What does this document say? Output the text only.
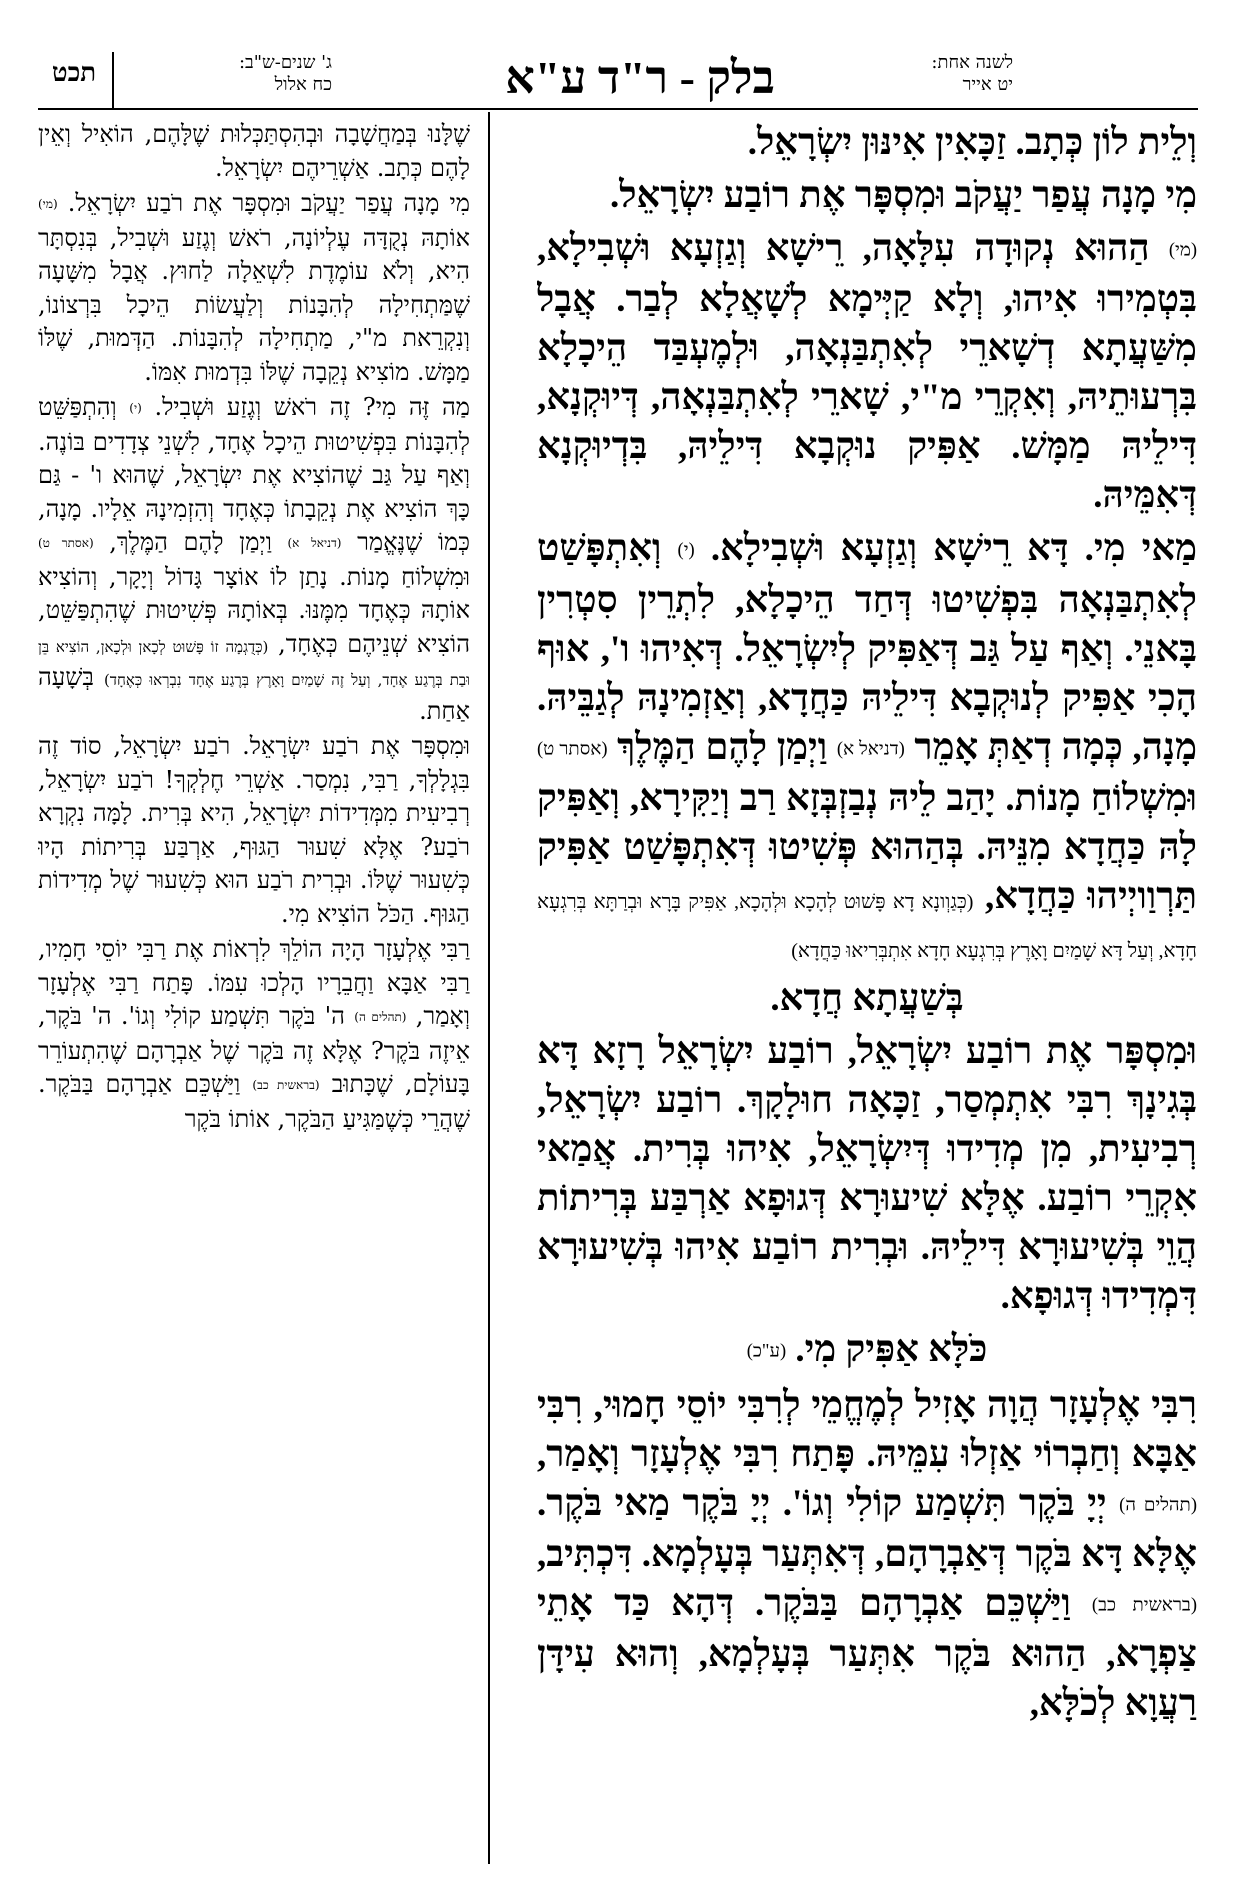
לשנה אחת:
יט אייר
בלק - ר"ד ע"א
ג' שנים-ש"ב:
כח אלול
תכט

וְלֵית לוֹן כְּתָב. זַכָּאִין אִינּוּן יִשְׂרָאֵל.

מִי מָנָה עֲפַר יַעֲקֹב וּמִסְפָּר אֶת רוֹבַע יִשְׂרָאֵל.

(מי) הַהוּא נְקוּדָה עִלָּאָה, רֵישָׁא וְגַזְעָא וּשְׁבִילָא, בִּטְמִירוּ אִיהוּ, וְלָא קַיְּימָא לְשָׁאֲלָא לְבַר. אֲבָל מִשַּׁעֲתָא דְשָׁארֵי לְאִתְבַּנְאָה, וּלְמֶעְבַּד הֵיכָלָא בִּרְעוּתֵיהּ, וְאִקְרֵי מ"י, שָׁארֵי לְאִתְבַּנְאָה, דְּיוּקְנָא, דִּילֵיהּ מַמָּשׁ. אַפִּיק נוּקְבָא דִּילֵיהּ, בִּדְיוּקְנָא דְּאִמֵּיהּ.

מַאי מִי. דָּא רֵישָׁא וְגַזְעָא וּשְׁבִילָא. (י) וְאִתְפָּשַׁט לְאִתְבַּנְאָה בִּפְשִׁיטוּ דְּחַד הֵיכָלָא, לִתְרֵין סִטְרִין בָּאנֵי. וְאַף עַל גַּב דְּאַפִּיק לְיִשְׂרָאֵל. דְּאִיהוּ ו', אוּף הָכִי אַפִּיק לְנוּקְבָא דִּילֵיהּ כַּחֲדָא, וְאַזְמִינָהּ לְגַבֵּיהּ. מָנָה, כְּמָה דְאַתְּ אָמֵר (דניאל א) וַיְמַן לָהֶם הַמֶּלֶךְ (אסתר ט) וּמִשְׁלוֹחַ מָנוֹת. יָהַב לֵיהּ נְבַזְבְּזָא רַב וְיַקִּירָא, וְאַפִּיק לָהּ כַּחֲדָא מִנֵּיהּ. בְּהַהוּא פְּשִׁיטוּ דְּאִתְפָּשַׁט אַפִּיק תַּרְוַויְיהוּ כַּחֲדָא, (כְּגַוְונָא דָא פָּשׁוּט לְהָכָא וּלְהָכָא, אַפִּיק בָּרָא וּבְרַתָּא בְּרִגְעָא חָדָא, וְעַל דָּא שָׁמַיִם וָאָרֶץ בְּרִגְעָא חָדָא אִתְבְּרִיאוּ כַּחֲדָא)

בְּשַׁעֲתָא חֲדָא.

וּמִסְפָּר אֶת רוֹבַע יִשְׂרָאֵל, רוֹבַע יִשְׂרָאֵל רָזָא דָּא בְּגִינָךְ רִבִּי אִתְמְסַר, זַכָּאָה חוּלָקָךְ. רוֹבַע יִשְׂרָאֵל, רְבִיעִית, מִן מְדִידוּ דְּיִשְׂרָאֵל, אִיהוּ בְּרִית. אֲמַאי אִקְרֵי רוֹבַע. אֶלָּא שִׁיעוּרָא דְּגוּפָא אַרְבַּע בְּרִיתוֹת הֲוֵי בְּשִׁיעוּרָא דִּילֵיהּ. וּבְרִית רוֹבַע אִיהוּ בְּשִׁיעוּרָא דִּמְדִידוּ דְּגוּפָא.

כֹּלָּא אַפִּיק מִי. (ע"כ)

רִבִּי אֶלְעָזָר הֲוָה אָזִיל לְמֶחֱמֵי לְרִבִּי יוֹסֵי חָמוּי, רִבִּי אַבָּא וְחַבְרוֹי אַזְלוּ עִמֵּיהּ. פָּתַח רִבִּי אֶלְעָזָר וְאָמַר, (תהלים ה) יְיָ בֹּקֶר תִּשְׁמַע קוֹלִי וְגוֹ'. יְיָ בֹּקֶר מַאי בֹּקֶר. אֶלָּא דָּא בֹּקֶר דְּאַבְרָהָם, דְּאִתְּעַר בְּעָלְמָא. דִּכְתִּיב, (בראשית כב) וַיַּשְׁכֵּם אַבְרָהָם בַּבֹּקֶר. דְּהָא כַּד אָתֵי צַפְרָא, הַהוּא בֹּקֶר אִתְּעַר בְּעָלְמָא, וְהוּא עִידָּן רַעֲוָא לְכֹלָּא,

שֶׁלָּנוּ בְּמַחֲשָׁבָה וּבְהִסְתַּכְּלוּת שֶׁלָּהֶם, הוֹאִיל וְאֵין לָהֶם כְּתָב. אַשְׁרֵיהֶם יִשְׂרָאֵל.

מִי מָנָה עֲפַר יַעֲקֹב וּמִסְפָּר אֶת רֹבַע יִשְׂרָאֵל. (מי) אוֹתָהּ נְקֻדָּה עֶלְיוֹנָה, רֹאשׁ וְגֶזַע וּשְׁבִיל, בְּנִסְתָּר הִיא, וְלֹא עוֹמֶדֶת לִשְׁאֵלָה לַחוּץ. אֲבָל מִשָּׁעָה שֶׁמַּתְחִילָה לְהִבָּנוֹת וְלַעֲשׂוֹת הֵיכָל בִּרְצוֹנוֹ, וְנִקְרֵאת מ"י, מַתְחִילָה לְהִבָּנוֹת. הַדְּמוּת, שֶׁלּוֹ מַמָּשׁ. מוֹצִיא נְקֵבָה שֶׁלּוֹ בִּדְמוּת אִמּוֹ.

מַה זֶּה מִי? זֶה רֹאשׁ וְגֶזַע וּשְׁבִיל. (י) וְהִתְפַּשֵּׁט לְהִבָּנוֹת בִּפְשִׁיטוּת הֵיכָל אֶחָד, לִשְׁנֵי צְדָדִים בּוֹנֶה. וְאַף עַל גַּב שֶׁהוֹצִיא אֶת יִשְׂרָאֵל, שֶׁהוּא ו' - גַּם כָּךְ הוֹצִיא אֶת נְקֵבָתוֹ כְּאֶחָד וְהִזְמִינָהּ אֵלָיו. מָנָה, כְּמוֹ שֶׁנֶּאֱמַר (דניאל א) וַיְמַן לָהֶם הַמֶּלֶךְ, (אסתר ט) וּמִשְׁלוֹחַ מָנוֹת. נָתַן לוֹ אוֹצָר גָּדוֹל וְיָקָר, וְהוֹצִיא אוֹתָהּ כְּאֶחָד מִמֶּנּוּ. בְּאוֹתָהּ פְּשִׁיטוּת שֶׁהִתְפַּשֵּׁט, הוֹצִיא שְׁנֵיהֶם כְּאֶחָד, (כְּדֻגְמָה זוֹ פָּשׁוּט לְכָאן וּלְכָאן, הוֹצִיא בֵּן וּבַת בְּרֶגַע אֶחָד, וְעַל זֶה שָׁמַיִם וָאָרֶץ בְּרֶגַע אֶחָד נִבְרְאוּ כְּאֶחָד) בְּשָׁעָה אַחַת.

וּמִסְפָּר אֶת רֹבַע יִשְׂרָאֵל. רֹבַע יִשְׂרָאֵל, סוֹד זֶה בִּגְלָלְךָ, רַבִּי, נִמְסַר. אַשְׁרֵי חֶלְקְךָ! רֹבַע יִשְׂרָאֵל, רְבִיעִית מִמְּדִידוֹת יִשְׂרָאֵל, הִיא בְּרִית. לָמָּה נִקְרָא רֹבַע? אֶלָּא שִׁעוּר הַגּוּף, אַרְבַּע בְּרִיתוֹת הָיוּ כְּשִׁעוּר שֶׁלּוֹ. וּבְרִית רֹבַע הוּא כְּשִׁעוּר שֶׁל מְדִידוֹת הַגּוּף. הַכֹּל הוֹצִיא מִי.

רַבִּי אֶלְעָזָר הָיָה הוֹלֵךְ לִרְאוֹת אֶת רַבִּי יוֹסֵי חָמִיו, רַבִּי אַבָּא וַחֲבֵרָיו הָלְכוּ עִמּוֹ. פָּתַח רַבִּי אֶלְעָזָר וְאָמַר, (תהלים ה) ה' בֹּקֶר תִּשְׁמַע קוֹלִי וְגוֹ'. ה' בֹּקֶר, אֵיזֶה בֹּקֶר? אֶלָּא זֶה בֹּקֶר שֶׁל אַבְרָהָם שֶׁהִתְעוֹרֵר בָּעוֹלָם, שֶׁכָּתוּב (בראשית כב) וַיַּשְׁכֵּם אַבְרָהָם בַּבֹּקֶר. שֶׁהֲרֵי כְּשֶׁמַּגִּיעַ הַבֹּקֶר, אוֹתוֹ בֹּקֶר
